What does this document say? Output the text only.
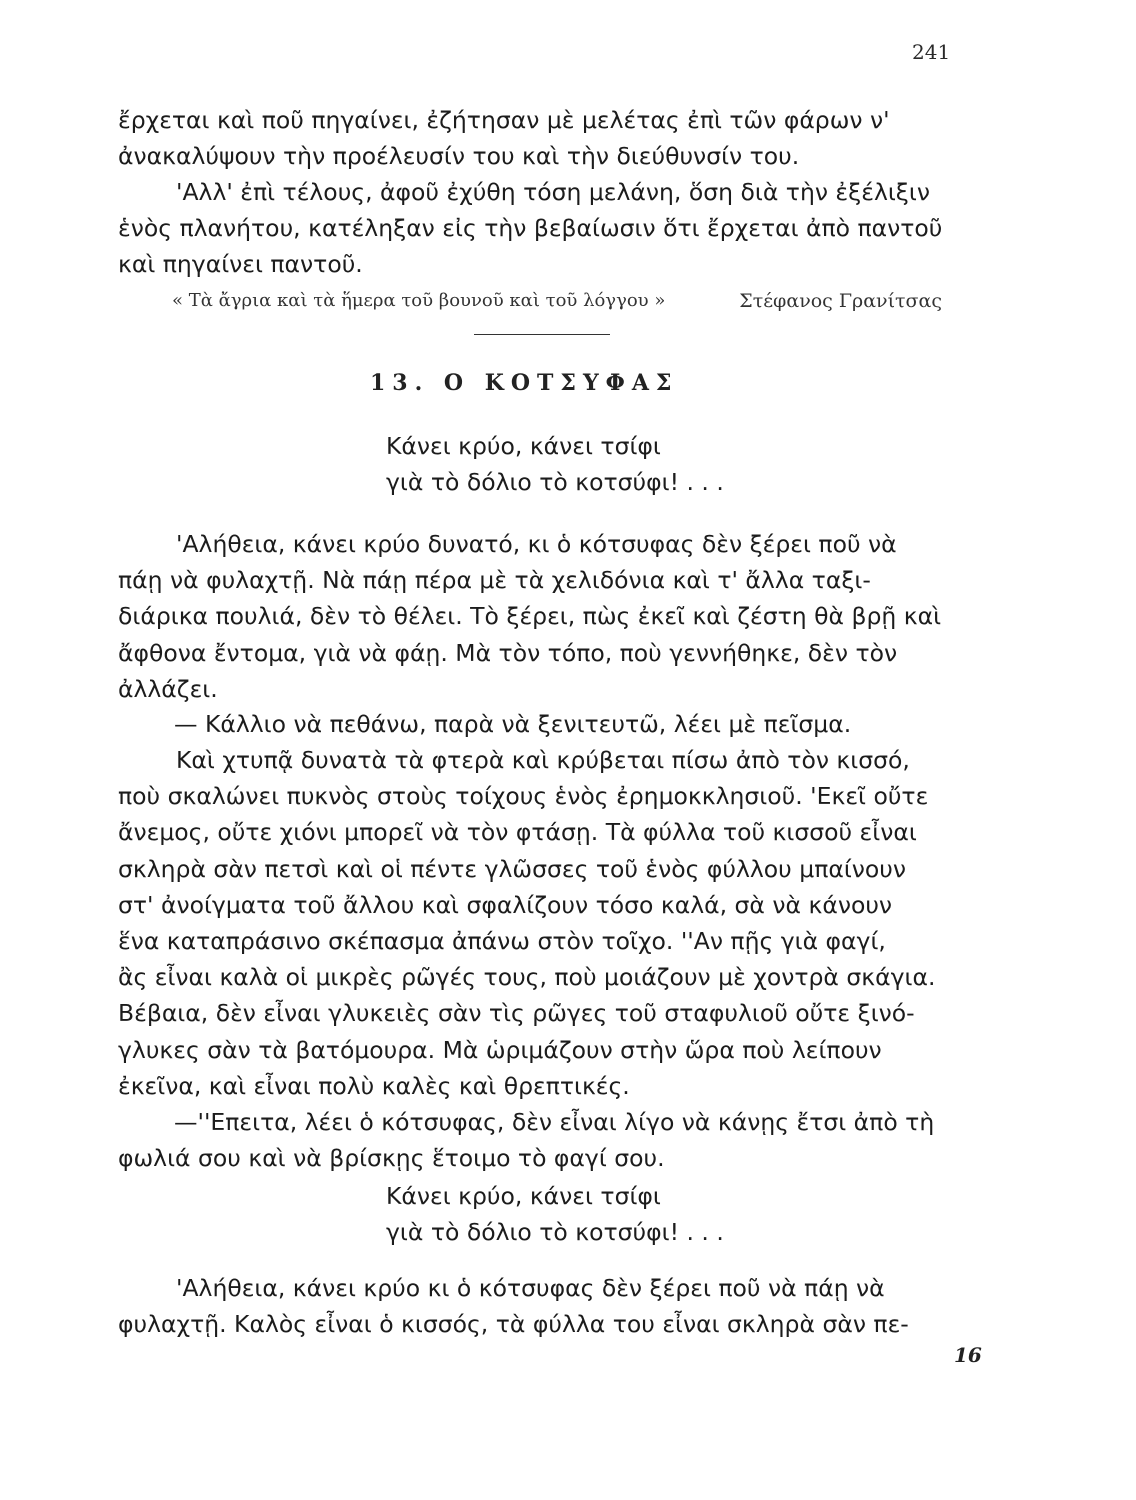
241
ἔρχεται καὶ ποῦ πηγαίνει, ἐζήτησαν μὲ μελέτας ἐπὶ τῶν φάρων ν'
ἀνακαλύψουν τὴν προέλευσίν του καὶ τὴν διεύθυνσίν του.
'Αλλ' ἐπὶ τέλους, ἀφοῦ ἐχύθη τόση μελάνη, ὅση διὰ τὴν ἐξέλιξιν
ἑνὸς πλανήτου, κατέληξαν εἰς τὴν βεβαίωσιν ὅτι ἔρχεται ἀπὸ παντοῦ
καὶ πηγαίνει παντοῦ.
« Τὰ ἄγρια καὶ τὰ ἥμερα τοῦ βουνοῦ καὶ τοῦ λόγγου »	Στέφανος Γρανίτσας
13. Ο ΚΟΤΣΥΦΑΣ
Κάνει κρύο, κάνει τσίφι
γιὰ τὸ δόλιο τὸ κοτσύφι! . . .
'Αλήθεια, κάνει κρύο δυνατό, κι ὁ κότσυφας δὲν ξέρει ποῦ νὰ
πάῃ νὰ φυλαχτῇ. Νὰ πάῃ πέρα μὲ τὰ χελιδόνια καὶ τ' ἄλλα ταξι-
διάρικα πουλιά, δὲν τὸ θέλει. Τὸ ξέρει, πὼς ἐκεῖ καὶ ζέστη θὰ βρῇ καὶ
ἄφθονα ἔντομα, γιὰ νὰ φάῃ. Μὰ τὸν τόπο, ποὺ γεννήθηκε, δὲν τὸν
ἀλλάζει.
— Κάλλιο νὰ πεθάνω, παρὰ νὰ ξενιτευτῶ, λέει μὲ πεῖσμα.
Καὶ χτυπᾷ δυνατὰ τὰ φτερὰ καὶ κρύβεται πίσω ἀπὸ τὸν κισσό,
ποὺ σκαλώνει πυκνὸς στοὺς τοίχους ἑνὸς ἐρημοκκλησιοῦ. 'Εκεῖ οὔτε
ἄνεμος, οὔτε χιόνι μπορεῖ νὰ τὸν φτάσῃ. Τὰ φύλλα τοῦ κισσοῦ εἶναι
σκληρὰ σὰν πετσὶ καὶ οἱ πέντε γλῶσσες τοῦ ἑνὸς φύλλου μπαίνουν
στ' ἀνοίγματα τοῦ ἄλλου καὶ σφαλίζουν τόσο καλά, σὰ νὰ κάνουν
ἕνα καταπράσινο σκέπασμα ἀπάνω στὸν τοῖχο. ''Αν πῇς γιὰ φαγί,
ἂς εἶναι καλὰ οἱ μικρὲς ρῶγές τους, ποὺ μοιάζουν μὲ χοντρὰ σκάγια.
Βέβαια, δὲν εἶναι γλυκειὲς σὰν τὶς ρῶγες τοῦ σταφυλιοῦ οὔτε ξινό-
γλυκες σὰν τὰ βατόμουρα. Μὰ ὡριμάζουν στὴν ὥρα ποὺ λείπουν
ἐκεῖνα, καὶ εἶναι πολὺ καλὲς καὶ θρεπτικές.
—''Επειτα, λέει ὁ κότσυφας, δὲν εἶναι λίγο νὰ κάνῃς ἔτσι ἀπὸ τὴ
φωλιά σου καὶ νὰ βρίσκῃς ἕτοιμο τὸ φαγί σου.
Κάνει κρύο, κάνει τσίφι
γιὰ τὸ δόλιο τὸ κοτσύφι! . . .
'Αλήθεια, κάνει κρύο κι ὁ κότσυφας δὲν ξέρει ποῦ νὰ πάῃ νὰ
φυλαχτῇ. Καλὸς εἶναι ὁ κισσός, τὰ φύλλα του εἶναι σκληρὰ σὰν πε-
16
